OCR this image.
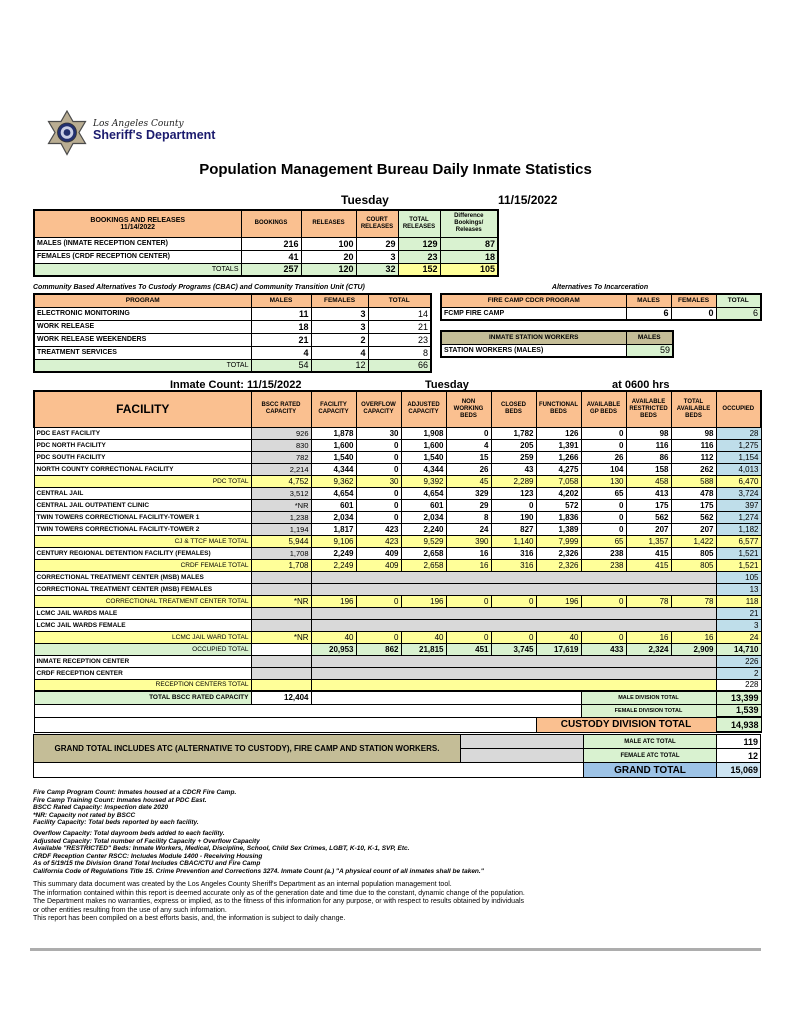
Los Angeles County
Sheriff's Department
Population Management Bureau Daily Inmate Statistics
Tuesday	11/15/2022
BOOKINGS AND RELEASES
11/14/2022	BOOKINGS	RELEASES	COURT RELEASES	TOTAL RELEASES	Difference Bookings/ Releases
MALES (INMATE RECEPTION CENTER)	216	100	29	129	87
FEMALES (CRDF RECEPTION CENTER)	41	20	3	23	18
TOTALS	257	120	32	152	105
Community Based Alternatives To Custody Programs (CBAC) and Community Transition Unit (CTU)
PROGRAM	MALES	FEMALES	TOTAL
ELECTRONIC MONITORING	11	3	14
WORK RELEASE	18	3	21
WORK RELEASE WEEKENDERS	21	2	23
TREATMENT SERVICES	4	4	8
TOTAL	54	12	66
Alternatives To Incarceration
FIRE CAMP CDCR PROGRAM	MALES	FEMALES	TOTAL
FCMP FIRE CAMP	6	0	6
INMATE STATION WORKERS	MALES
STATION WORKERS (MALES)	59
Inmate Count: 11/15/2022	Tuesday	at 0600 hrs
FACILITY	BSCC RATED CAPACITY	FACILITY CAPACITY	OVERFLOW CAPACITY	ADJUSTED CAPACITY	NON WORKING BEDS	CLOSED BEDS	FUNCTIONAL BEDS	AVAILABLE GP BEDS	AVAILABLE RESTRICTED BEDS	TOTAL AVAILABLE BEDS	OCCUPIED
PDC EAST FACILITY	926	1,878	30	1,908	0	1,782	126	0	98	98	28
PDC NORTH FACILITY	830	1,600	0	1,600	4	205	1,391	0	116	116	1,275
PDC SOUTH FACILITY	782	1,540	0	1,540	15	259	1,266	26	86	112	1,154
NORTH COUNTY CORRECTIONAL FACILITY	2,214	4,344	0	4,344	26	43	4,275	104	158	262	4,013
PDC TOTAL	4,752	9,362	30	9,392	45	2,289	7,058	130	458	588	6,470
CENTRAL JAIL	3,512	4,654	0	4,654	329	123	4,202	65	413	478	3,724
CENTRAL JAIL OUTPATIENT CLINIC	*NR	601	0	601	29	0	572	0	175	175	397
TWIN TOWERS CORRECTIONAL FACILITY-TOWER 1	1,238	2,034	0	2,034	8	190	1,836	0	562	562	1,274
TWIN TOWERS CORRECTIONAL FACILITY-TOWER 2	1,194	1,817	423	2,240	24	827	1,389	0	207	207	1,182
CJ & TTCF MALE TOTAL	5,944	9,106	423	9,529	390	1,140	7,999	65	1,357	1,422	6,577
CENTURY REGIONAL DETENTION FACILITY (FEMALES)	1,708	2,249	409	2,658	16	316	2,326	238	415	805	1,521
CRDF FEMALE TOTAL	1,708	2,249	409	2,658	16	316	2,326	238	415	805	1,521
CORRECTIONAL TREATMENT CENTER (MSB) MALES											105
CORRECTIONAL TREATMENT CENTER (MSB) FEMALES											13
CORRECTIONAL TREATMENT CENTER TOTAL	*NR	196	0	196	0	0	196	0	78	78	118
LCMC JAIL WARDS MALE											21
LCMC JAIL WARDS FEMALE											3
LCMC JAIL WARD TOTAL	*NR	40	0	40	0	0	40	0	16	16	24
OCCUPIED TOTAL		20,953	862	21,815	451	3,745	17,619	433	2,324	2,909	14,710
INMATE RECEPTION CENTER											226
CRDF RECEPTION CENTER											2
RECEPTION CENTERS TOTAL											228
TOTAL BSCC RATED CAPACITY	12,404							MALE DIVISION TOTAL			13,399
								FEMALE DIVISION TOTAL			1,539
							CUSTODY DIVISION TOTAL				14,938
GRAND TOTAL INCLUDES ATC (ALTERNATIVE TO CUSTODY), FIRE CAMP AND STATION WORKERS.		MALE ATC TOTAL	119
		FEMALE ATC TOTAL	12
		GRAND TOTAL	15,069
Fire Camp Program Count: Inmates housed at a CDCR Fire Camp.
Fire Camp Training Count: Inmates housed at PDC East.
BSCC Rated Capacity: Inspection date 2020
*NR: Capacity not rated by BSCC
Facility Capacity: Total beds reported by each facility.
Overflow Capacity: Total dayroom beds added to each facility.
Adjusted Capacity: Total number of Facility Capacity + Overflow Capacity
Available "RESTRICTED" Beds: Inmate Workers, Medical, Discipline, School, Child Sex Crimes, LGBT, K-10, K-1, SVP, Etc.
CRDF Reception Center RSCC: Includes Module 1400 - Receiving Housing
As of 5/19/15 the Division Grand Total Includes CBAC/CTU and Fire Camp
California Code of Regulations Title 15. Crime Prevention and Corrections 3274. Inmate Count (a.) "A physical count of all inmates shall be taken."
This summary data document was created by the Los Angeles County Sheriff's Department as an internal population management tool.
The information contained within this report is deemed accurate only as of the generation date and time due to the constant, dynamic change of the population.
The Department makes no warranties, express or implied, as to the fitness of this information for any purpose, or with respect to results obtained by individuals
or other entities resulting from the use of any such information.
This report has been compiled on a best efforts basis, and, the information is subject to daily change.
